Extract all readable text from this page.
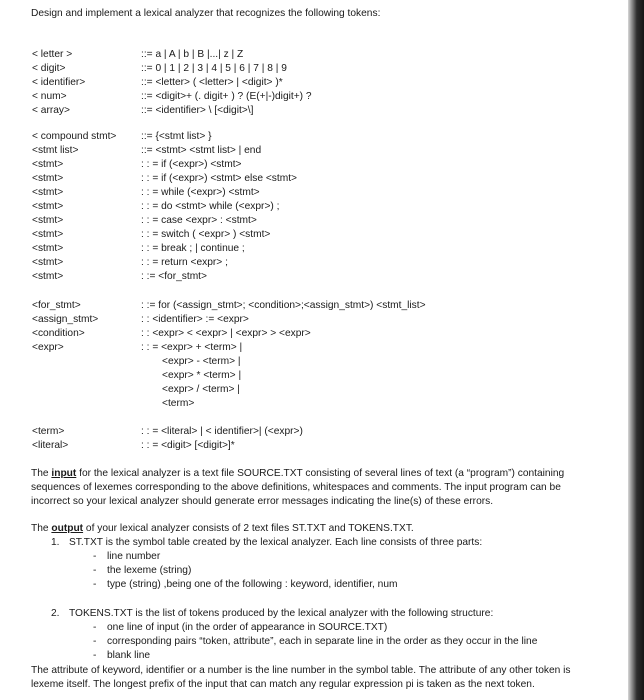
Design and implement a lexical analyzer that recognizes the following tokens:
< letter >	::= a | A | b | B |...| z | Z
< digit>	::= 0 | 1 | 2 | 3 | 4 | 5 | 6 | 7 | 8 | 9
< identifier>	::= <letter> ( <letter> | <digit> )*
< num>	::= <digit>+ (. digit+ ) ? (E(+|-)digit+) ?
< array>	::= <identifier> \ [<digit>\]
< compound stmt> ::= {<stmt list> }
<stmt list>	::= <stmt> <stmt list> | end
<stmt>	: : = if (<expr>) <stmt>
<stmt>	: : = if (<expr>) <stmt> else <stmt>
<stmt>	: : = while (<expr>) <stmt>
<stmt>	: : = do <stmt> while (<expr>) ;
<stmt>	: : = case <expr> : <stmt>
<stmt>	: : = switch ( <expr> ) <stmt>
<stmt>	: : = break ; | continue ;
<stmt>	: : = return <expr> ;
<stmt>	: := <for_stmt>
<for_stmt>	: := for (<assign_stmt>; <condition>;<assign_stmt>) <stmt_list>
<assign_stmt>	: : <identifier> := <expr>
<condition>	: : <expr> < <expr> | <expr> > <expr>
<expr>	: : = <expr> + <term> |
<expr> - <term> |
<expr> * <term> |
<expr> / <term> |
<term>
<term>	: : = <literal> | < identifier>| (<expr>)
<literal>	: : = <digit> [<digit>]*

The input for the lexical analyzer is a text file SOURCE.TXT consisting of several lines of text (a “program”) containing sequences of lexemes corresponding to the above definitions, whitespaces and comments. The input program can be incorrect so your lexical analyzer should generate error messages indicating the line(s) of these errors.

The output of your lexical analyzer consists of 2 text files ST.TXT and TOKENS.TXT.

1. ST.TXT is the symbol table created by the lexical analyzer. Each line consists of three parts:
- line number
- the lexeme (string)
- type (string) ,being one of the following : keyword, identifier, num
2. TOKENS.TXT is the list of tokens produced by the lexical analyzer with the following structure:
- one line of input (in the order of appearance in SOURCE.TXT)
- corresponding pairs “token, attribute”, each in separate line in the order as they occur in the line
- blank line
The attribute of keyword, identifier or a number is the line number in the symbol table. The attribute of any other token is lexeme itself. The longest prefix of the input that can match any regular expression pi is taken as the next token.
